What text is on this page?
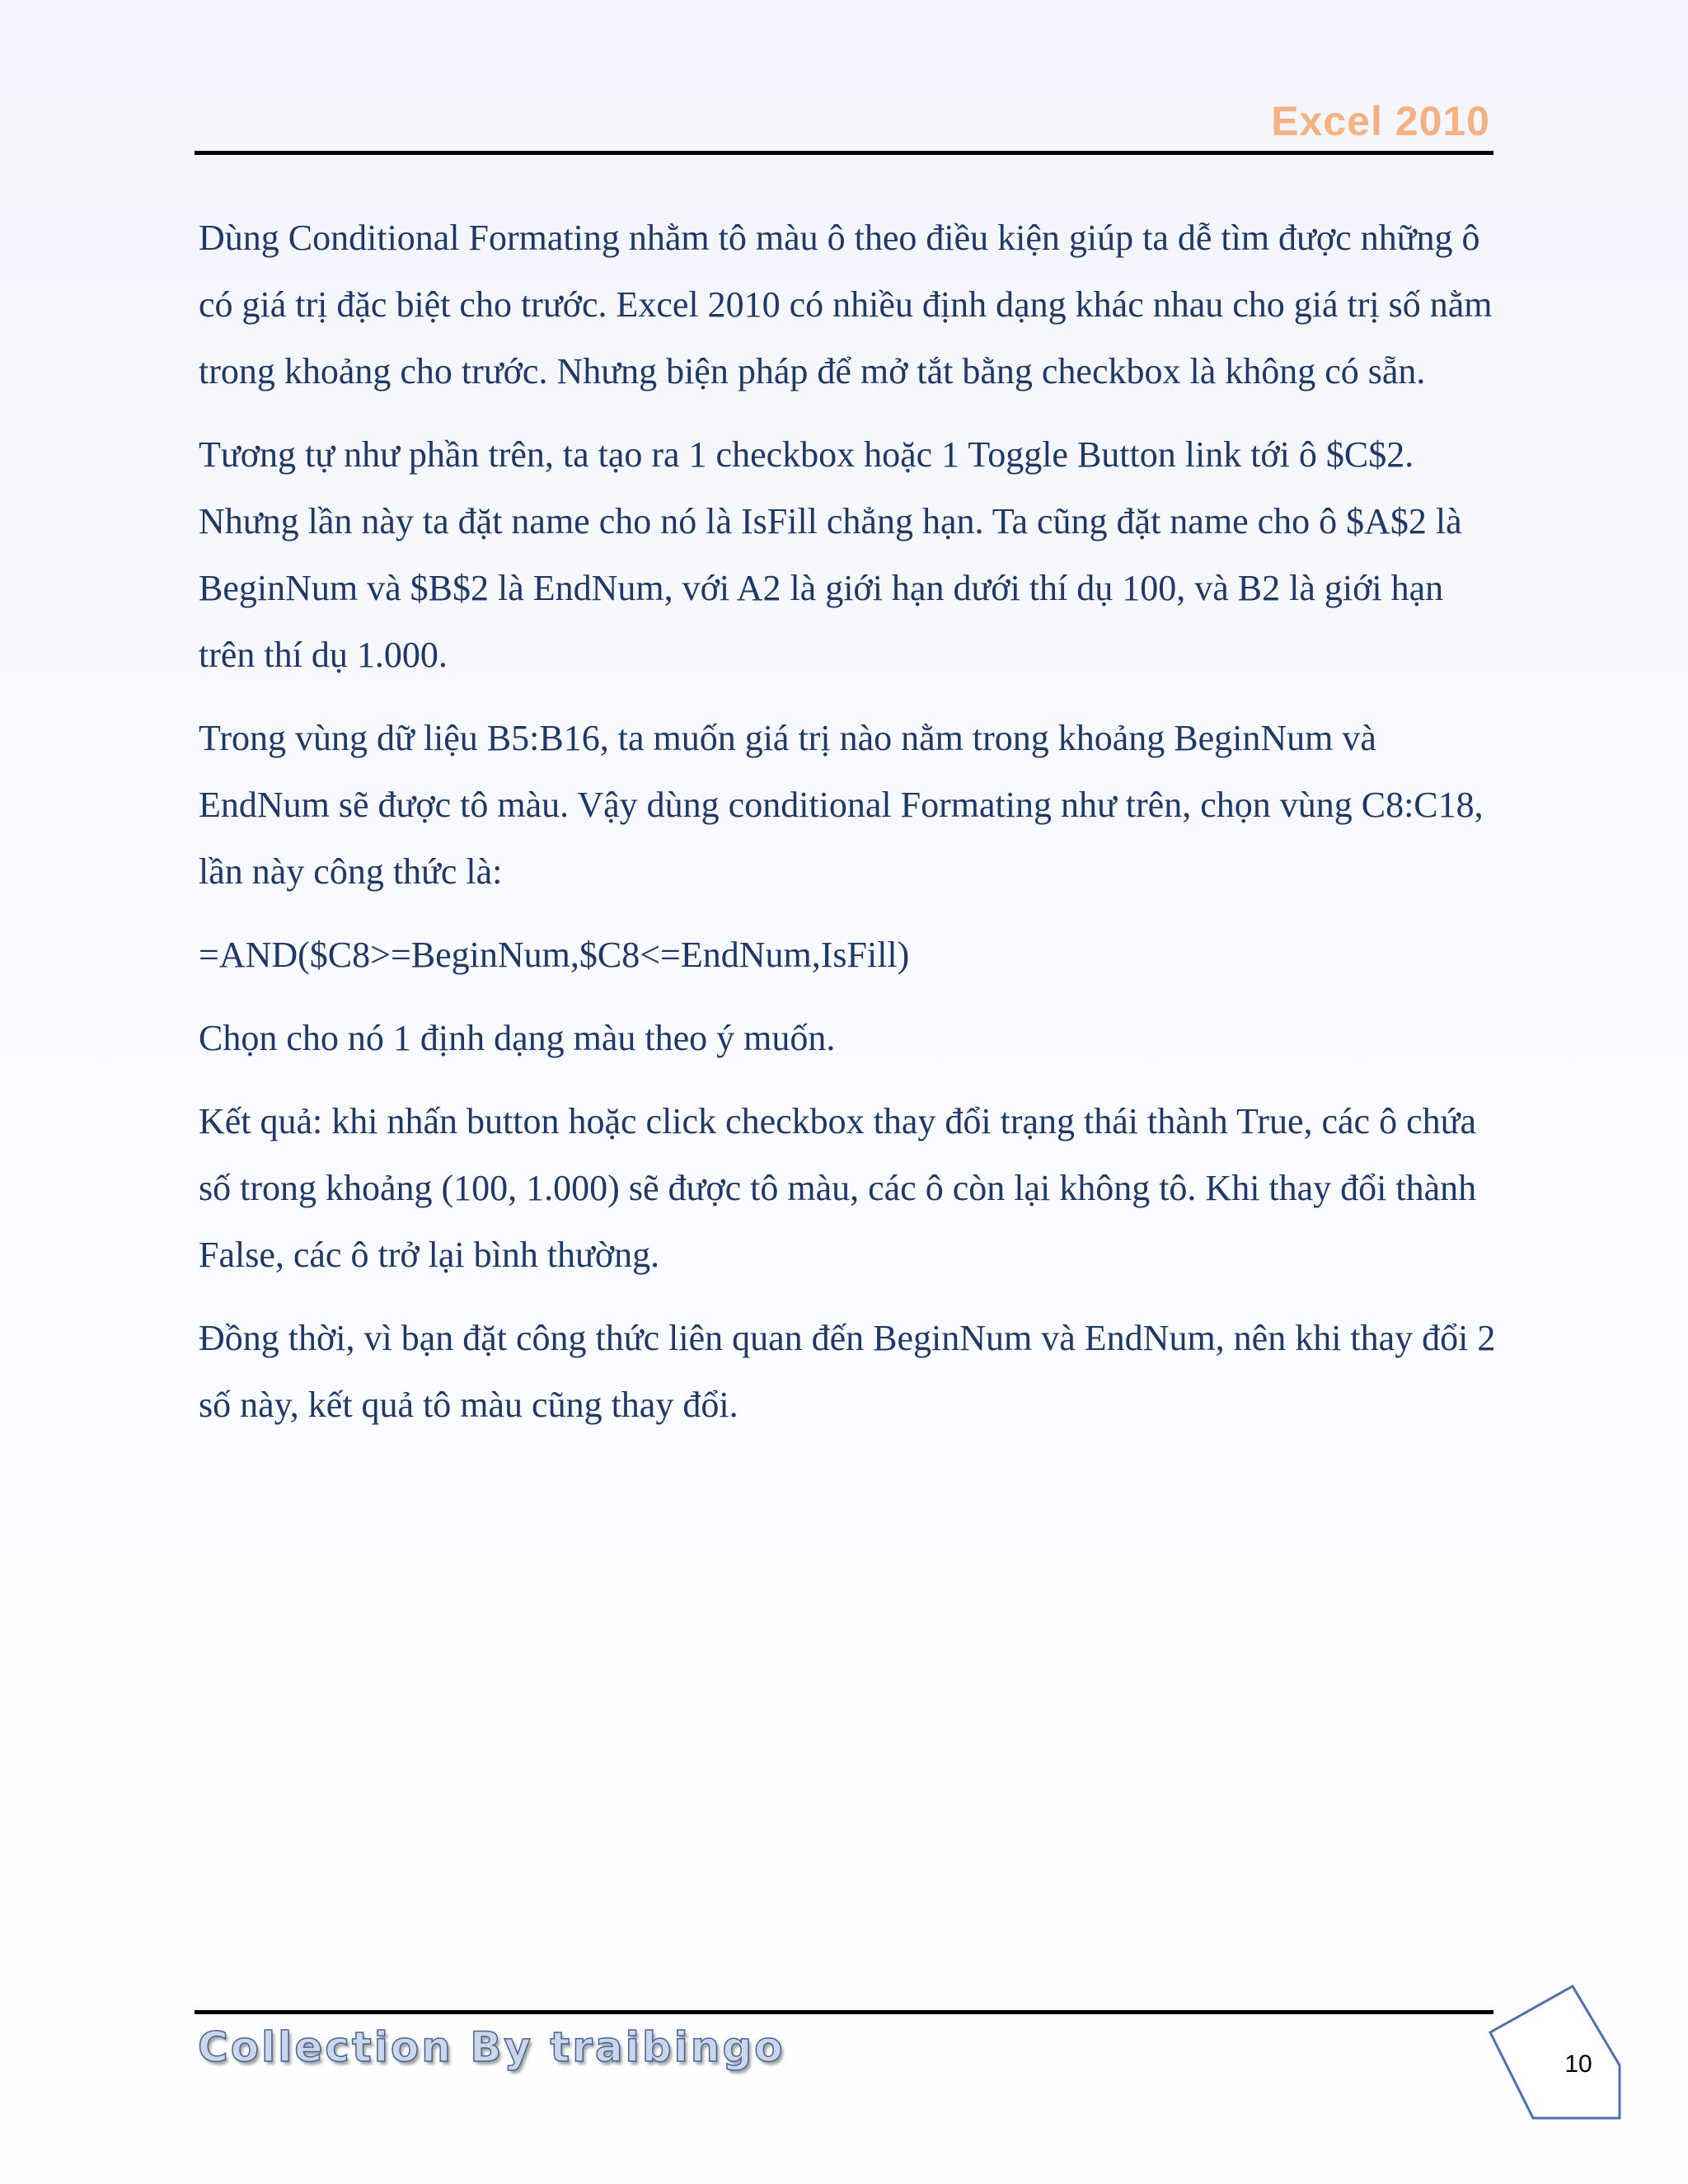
Excel 2010

Dùng Conditional Formating nhằm tô màu ô theo điều kiện giúp ta dễ tìm được những ô có giá trị đặc biệt cho trước. Excel 2010 có nhiều định dạng khác nhau cho giá trị số nằm trong khoảng cho trước. Nhưng biện pháp để mở tắt bằng checkbox là không có sẵn.

Tương tự như phần trên, ta tạo ra 1 checkbox hoặc 1 Toggle Button link tới ô $C$2. Nhưng lần này ta đặt name cho nó là IsFill chẳng hạn. Ta cũng đặt name cho ô $A$2 là BeginNum và $B$2 là EndNum, với A2 là giới hạn dưới thí dụ 100, và B2 là giới hạn trên thí dụ 1.000.

Trong vùng dữ liệu B5:B16, ta muốn giá trị nào nằm trong khoảng BeginNum và EndNum sẽ được tô màu. Vậy dùng conditional Formating như trên, chọn vùng C8:C18, lần này công thức là:

=AND($C8>=BeginNum,$C8<=EndNum,IsFill)

Chọn cho nó 1 định dạng màu theo ý muốn.

Kết quả: khi nhấn button hoặc click checkbox thay đổi trạng thái thành True, các ô chứa số trong khoảng (100, 1.000) sẽ được tô màu, các ô còn lại không tô. Khi thay đổi thành False, các ô trở lại bình thường.

Đồng thời, vì bạn đặt công thức liên quan đến BeginNum và EndNum, nên khi thay đổi 2 số này, kết quả tô màu cũng thay đổi.

Collection By traibingo	10
